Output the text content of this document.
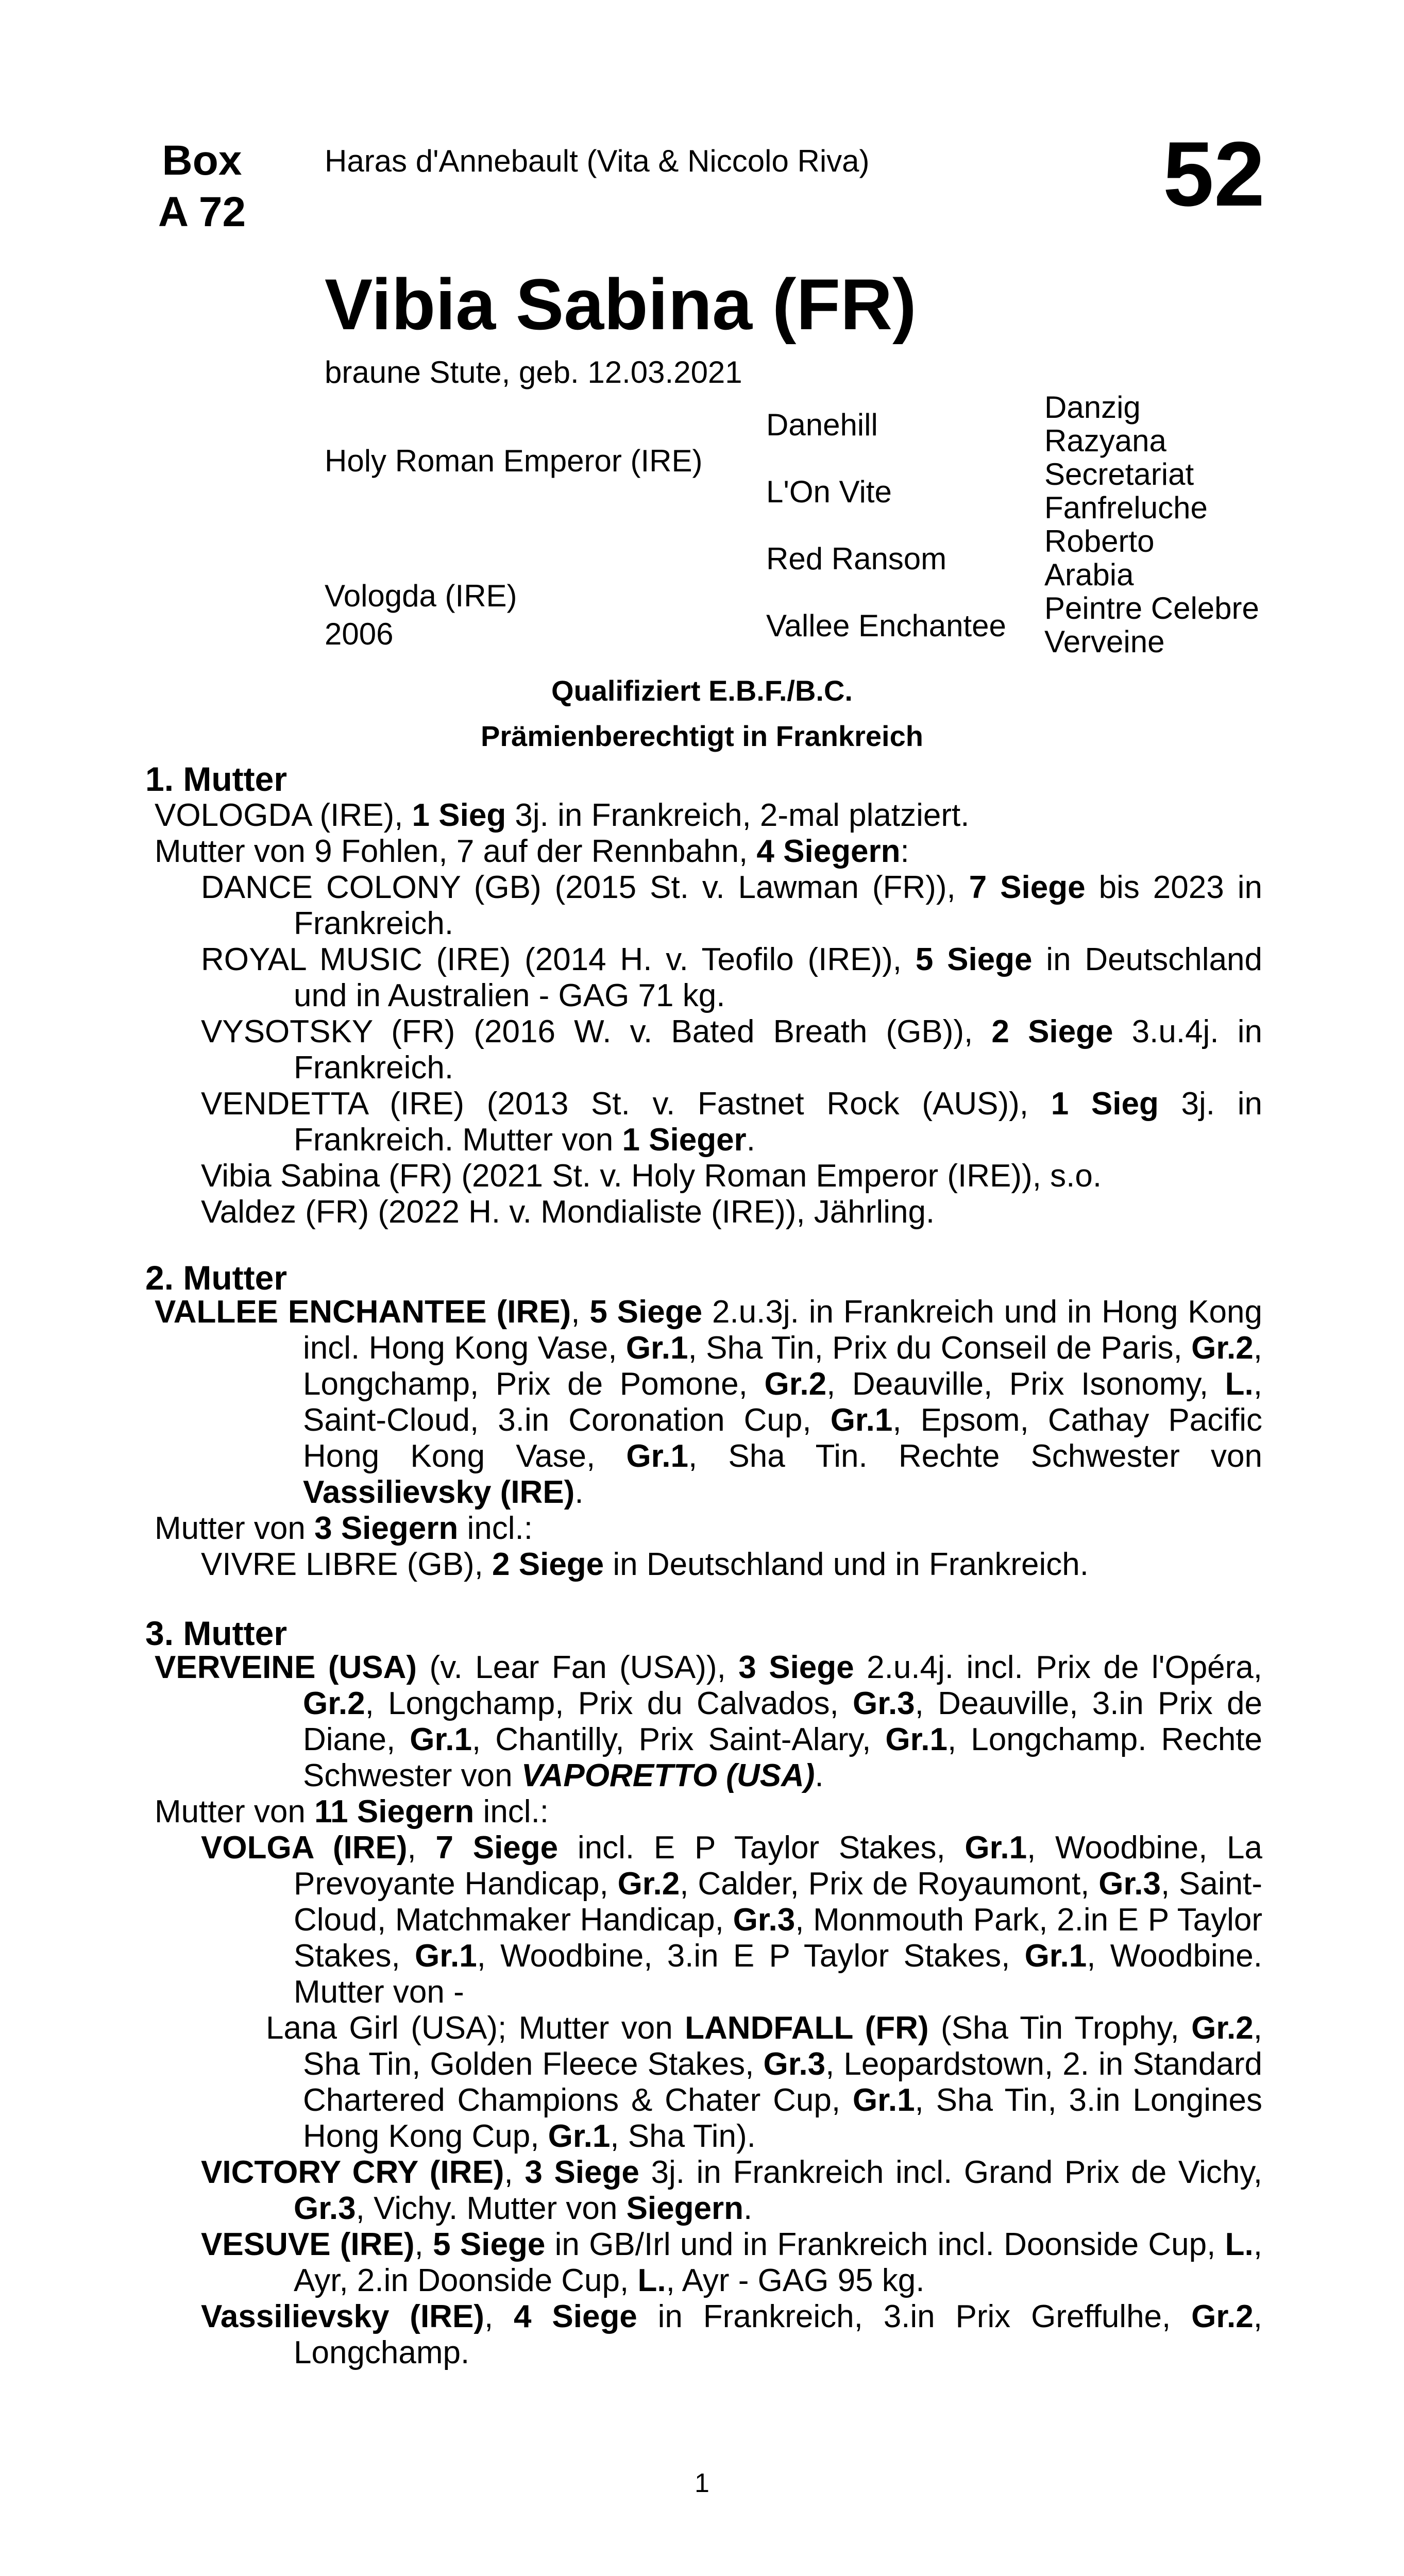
Box
A 72
Haras d'Annebault (Vita & Niccolo Riva)	52
Vibia Sabina (FR)
braune Stute, geb. 12.03.2021
Holy Roman Emperor (IRE)
Vologda (IRE)
2006
Danehill
L'On Vite
Red Ransom
Vallee Enchantee
Danzig
Razyana
Secretariat
Fanfreluche
Roberto
Arabia
Peintre Celebre
Verveine
Qualifiziert E.B.F./B.C.
Prämienberechtigt in Frankreich
1. Mutter

VOLOGDA (IRE), 1 Sieg 3j. in Frankreich, 2-mal platziert.

Mutter von 9 Fohlen, 7 auf der Rennbahn, 4 Siegern:

DANCE COLONY (GB) (2015 St. v. Lawman (FR)), 7 Siege bis 2023 in Frankreich.

ROYAL MUSIC (IRE) (2014 H. v. Teofilo (IRE)), 5 Siege in Deutschland und in Australien - GAG 71 kg.

VYSOTSKY (FR) (2016 W. v. Bated Breath (GB)), 2 Siege 3.u.4j. in Frankreich.

VENDETTA (IRE) (2013 St. v. Fastnet Rock (AUS)), 1 Sieg 3j. in Frankreich. Mutter von 1 Sieger.

Vibia Sabina (FR) (2021 St. v. Holy Roman Emperor (IRE)), s.o.

Valdez (FR) (2022 H. v. Mondialiste (IRE)), Jährling.

2. Mutter

VALLEE ENCHANTEE (IRE), 5 Siege 2.u.3j. in Frankreich und in Hong Kong incl. Hong Kong Vase, Gr.1, Sha Tin, Prix du Conseil de Paris, Gr.2, Longchamp, Prix de Pomone, Gr.2, Deauville, Prix Isonomy, L., Saint-Cloud, 3.in Coronation Cup, Gr.1, Epsom, Cathay Pacific Hong Kong Vase, Gr.1, Sha Tin. Rechte Schwester von Vassilievsky (IRE).

Mutter von 3 Siegern incl.:

VIVRE LIBRE (GB), 2 Siege in Deutschland und in Frankreich.

3. Mutter

VERVEINE (USA) (v. Lear Fan (USA)), 3 Siege 2.u.4j. incl. Prix de l'Opéra, Gr.2, Longchamp, Prix du Calvados, Gr.3, Deauville, 3.in Prix de Diane, Gr.1, Chantilly, Prix Saint-Alary, Gr.1, Longchamp. Rechte Schwester von VAPORETTO (USA).

Mutter von 11 Siegern incl.:

VOLGA (IRE), 7 Siege incl. E P Taylor Stakes, Gr.1, Woodbine, La Prevoyante Handicap, Gr.2, Calder, Prix de Royaumont, Gr.3, Saint-Cloud, Matchmaker Handicap, Gr.3, Monmouth Park, 2.in E P Taylor Stakes, Gr.1, Woodbine, 3.in E P Taylor Stakes, Gr.1, Woodbine. Mutter von -

Lana Girl (USA); Mutter von LANDFALL (FR) (Sha Tin Trophy, Gr.2, Sha Tin, Golden Fleece Stakes, Gr.3, Leopardstown, 2. in Standard Chartered Champions & Chater Cup, Gr.1, Sha Tin, 3.in Longines Hong Kong Cup, Gr.1, Sha Tin).

VICTORY CRY (IRE), 3 Siege 3j. in Frankreich incl. Grand Prix de Vichy, Gr.3, Vichy. Mutter von Siegern.

VESUVE (IRE), 5 Siege in GB/Irl und in Frankreich incl. Doonside Cup, L., Ayr, 2.in Doonside Cup, L., Ayr - GAG 95 kg.

Vassilievsky (IRE), 4 Siege in Frankreich, 3.in Prix Greffulhe, Gr.2, Longchamp.

1
